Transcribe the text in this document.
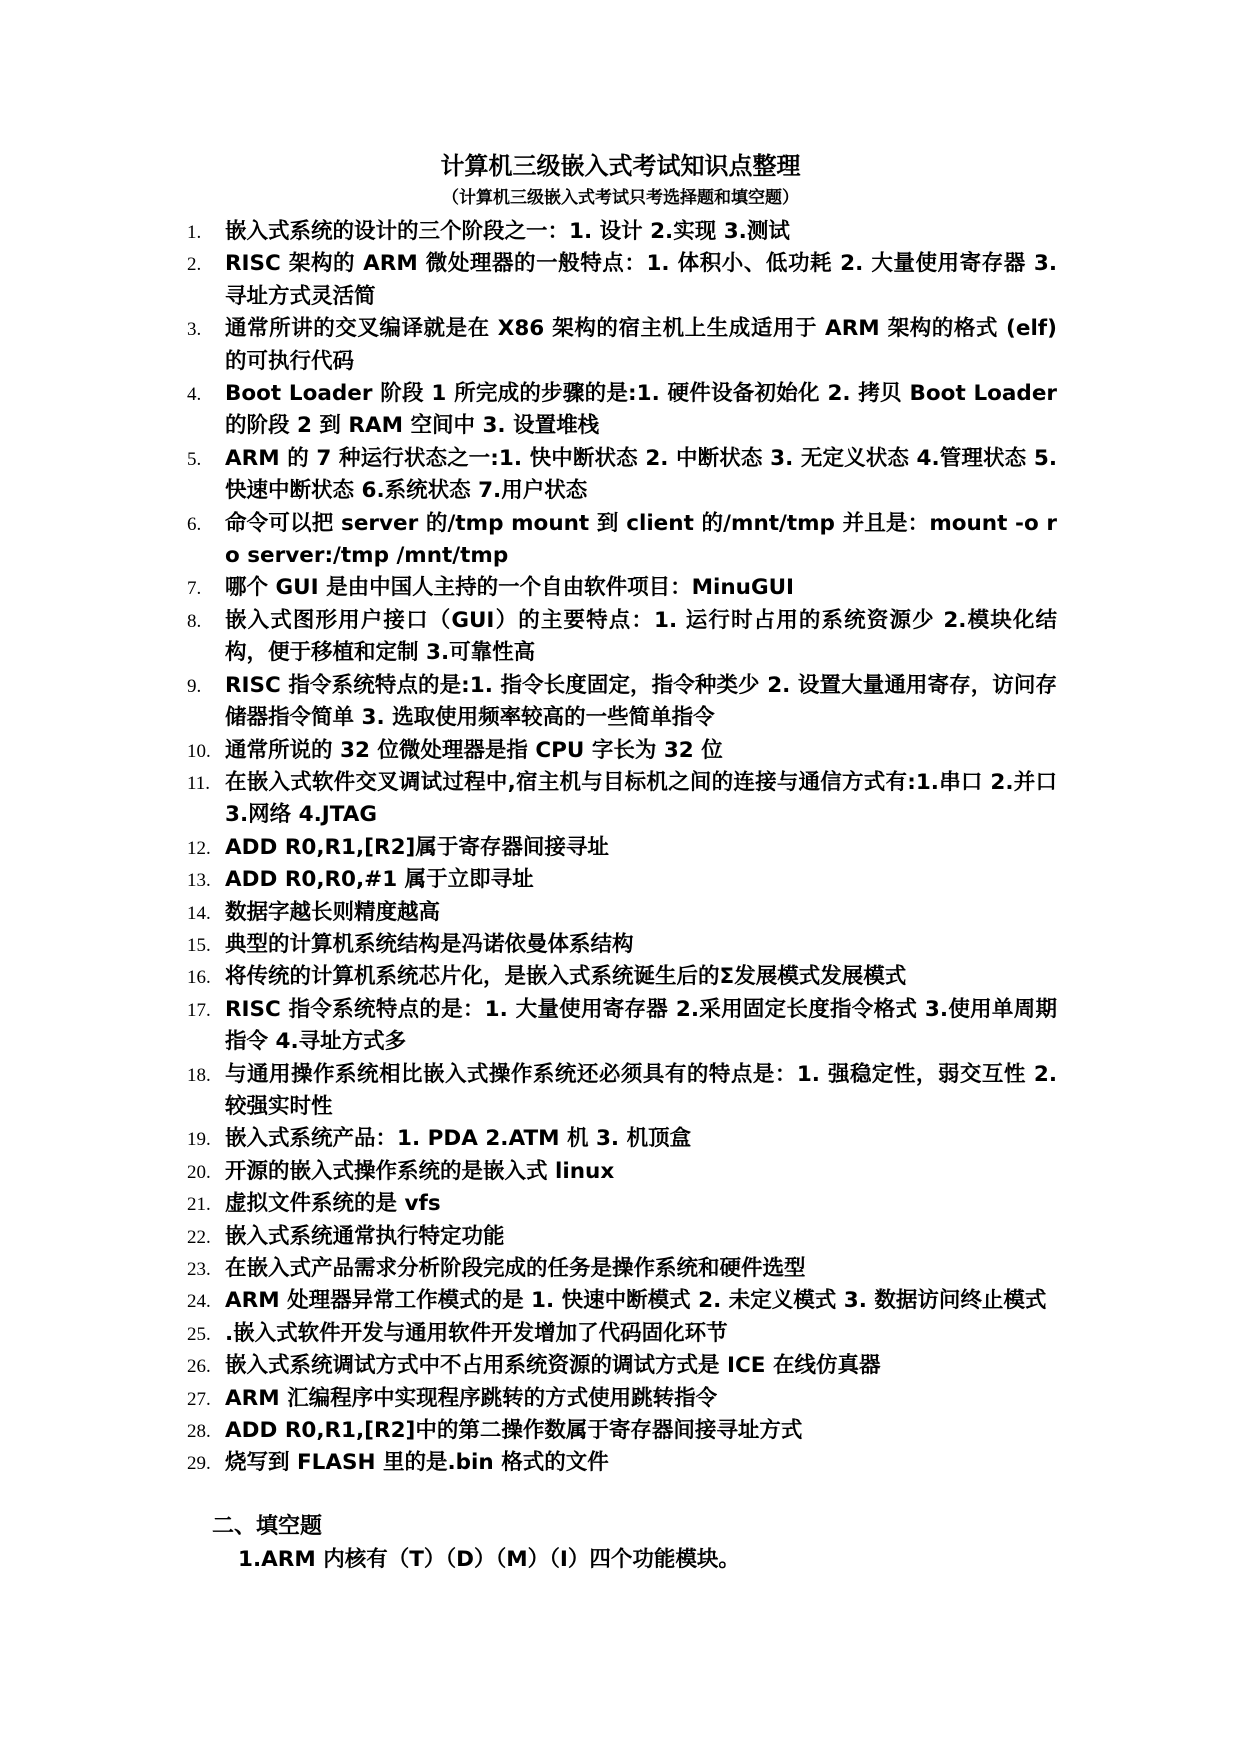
计算机三级嵌入式考试知识点整理
（计算机三级嵌入式考试只考选择题和填空题）
1. 嵌入式系统的设计的三个阶段之一：1. 设计 2.实现 3.测试
2. RISC 架构的 ARM 微处理器的一般特点：1. 体积小、低功耗 2. 大量使用寄存器 3. 寻址方式灵活简
3. 通常所讲的交叉编译就是在 X86 架构的宿主机上生成适用于 ARM 架构的格式 (elf)的可执行代码
4. Boot Loader 阶段 1 所完成的步骤的是:1. 硬件设备初始化 2. 拷贝 Boot Loader 的阶段 2 到 RAM 空间中 3. 设置堆栈
5. ARM 的 7 种运行状态之一:1. 快中断状态 2. 中断状态 3. 无定义状态 4.管理状态 5.快速中断状态 6.系统状态 7.用户状态
6. 命令可以把 server 的/tmp mount 到 client 的/mnt/tmp 并且是：mount -o ro server:/tmp /mnt/tmp
7. 哪个 GUI 是由中国人主持的一个自由软件项目：MinuGUI
8. 嵌入式图形用户接口（GUI）的主要特点：1. 运行时占用的系统资源少 2.模块化结构，便于移植和定制 3.可靠性高
9. RISC 指令系统特点的是:1. 指令长度固定，指令种类少 2. 设置大量通用寄存，访问存储器指令简单 3. 选取使用频率较高的一些简单指令
10. 通常所说的 32 位微处理器是指 CPU 字长为 32 位
11. 在嵌入式软件交叉调试过程中,宿主机与目标机之间的连接与通信方式有:1.串口 2.并口 3.网络 4.JTAG
12. ADD R0,R1,[R2]属于寄存器间接寻址
13. ADD R0,R0,#1 属于立即寻址
14. 数据字越长则精度越高
15. 典型的计算机系统结构是冯诺依曼体系结构
16. 将传统的计算机系统芯片化，是嵌入式系统诞生后的Σ发展模式发展模式
17. RISC 指令系统特点的是：1. 大量使用寄存器 2.采用固定长度指令格式 3.使用单周期指令 4.寻址方式多
18. 与通用操作系统相比嵌入式操作系统还必须具有的特点是：1. 强稳定性，弱交互性 2. 较强实时性
19. 嵌入式系统产品：1. PDA 2.ATM 机 3. 机顶盒
20. 开源的嵌入式操作系统的是嵌入式 linux
21. 虚拟文件系统的是 vfs
22. 嵌入式系统通常执行特定功能
23. 在嵌入式产品需求分析阶段完成的任务是操作系统和硬件选型
24. ARM 处理器异常工作模式的是 1. 快速中断模式 2. 未定义模式 3. 数据访问终止模式
25. .嵌入式软件开发与通用软件开发增加了代码固化环节
26. 嵌入式系统调试方式中不占用系统资源的调试方式是 ICE 在线仿真器
27. ARM 汇编程序中实现程序跳转的方式使用跳转指令
28. ADD R0,R1,[R2]中的第二操作数属于寄存器间接寻址方式
29. 烧写到 FLASH 里的是.bin 格式的文件
二、填空题
1.ARM 内核有（T）（D）（M）（I）四个功能模块。
